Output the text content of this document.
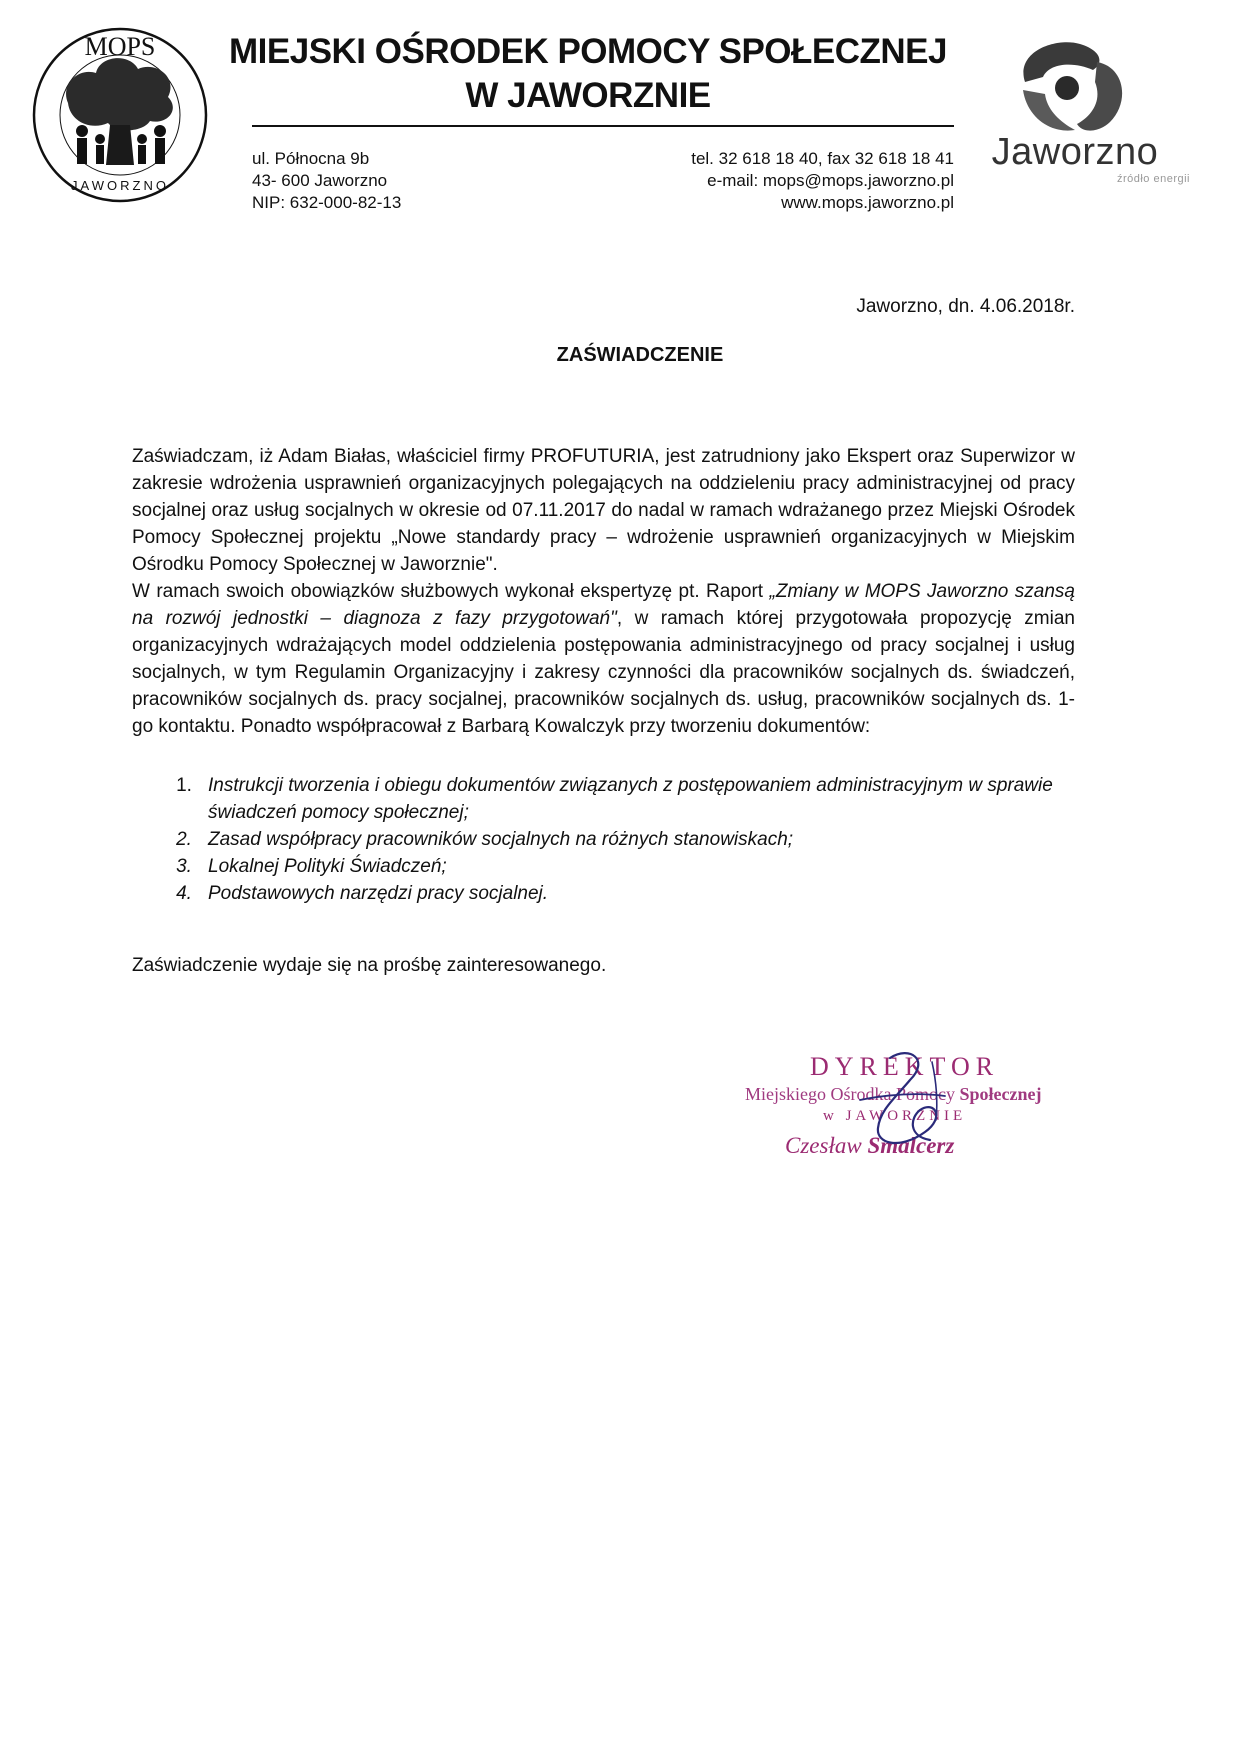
MOPS
JAWORZNO
MIEJSKI OŚRODEK POMOCY SPOŁECZNEJ
W JAWORZNIE
ul. Północna 9b
43- 600 Jaworzno
NIP: 632-000-82-13
tel. 32 618 18 40, fax 32 618 18 41
e-mail: mops@mops.jaworzno.pl
www.mops.jaworzno.pl
Jaworzno
źródło energii
Jaworzno, dn. 4.06.2018r.
ZAŚWIADCZENIE

Zaświadczam, iż Adam Białas, właściciel firmy PROFUTURIA, jest zatrudniony jako Ekspert oraz Superwizor w zakresie wdrożenia usprawnień organizacyjnych polegających na oddzieleniu pracy administracyjnej od pracy socjalnej oraz usług socjalnych w okresie od 07.11.2017 do nadal w ramach wdrażanego przez Miejski Ośrodek Pomocy Społecznej projektu „Nowe standardy pracy – wdrożenie usprawnień organizacyjnych w Miejskim Ośrodku Pomocy Społecznej w Jaworznie".

W ramach swoich obowiązków służbowych wykonał ekspertyzę pt. Raport „Zmiany w MOPS Jaworzno szansą na rozwój jednostki – diagnoza z fazy przygotowań", w ramach której przygotowała propozycję zmian organizacyjnych wdrażających model oddzielenia postępowania administracyjnego od pracy socjalnej i usług socjalnych, w tym Regulamin Organizacyjny i zakresy czynności dla pracowników socjalnych ds. świadczeń, pracowników socjalnych ds. pracy socjalnej, pracowników socjalnych ds. usług, pracowników socjalnych ds. 1-go kontaktu. Ponadto współpracował z Barbarą Kowalczyk przy tworzeniu dokumentów:

1. Instrukcji tworzenia i obiegu dokumentów związanych z postępowaniem administracyjnym w sprawie świadczeń pomocy społecznej;
2. Zasad współpracy pracowników socjalnych na różnych stanowiskach;
3. Lokalnej Polityki Świadczeń;
4. Podstawowych narzędzi pracy socjalnej.
Zaświadczenie wydaje się na prośbę zainteresowanego.
DYREKTOR
Miejskiego Ośrodka Pomocy Społecznej
w JAWORZNIE
Czesław Smalcerz
